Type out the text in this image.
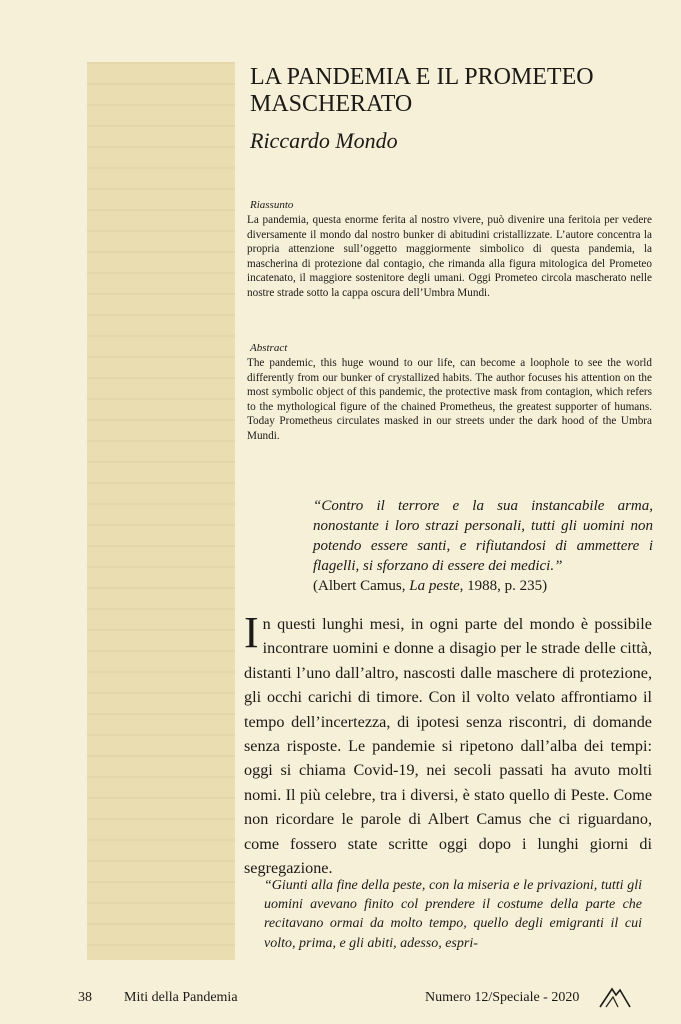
LA PANDEMIA E IL PROMETEO MASCHERATO
Riccardo Mondo
Riassunto

La pandemia, questa enorme ferita al nostro vivere, può divenire una feritoia per vedere diversamente il mondo dal nostro bunker di abitudini cristallizzate. L’autore concentra la propria attenzione sull’oggetto maggiormente simbolico di questa pandemia, la mascherina di protezione dal contagio, che rimanda alla figura mitologica del Prometeo incatenato, il maggiore sostenitore degli umani. Oggi Prometeo circola mascherato nelle nostre strade sotto la cappa oscura dell’Umbra Mundi.

Abstract

The pandemic, this huge wound to our life, can become a loophole to see the world differently from our bunker of crystallized habits. The author focuses his attention on the most symbolic object of this pandemic, the protective mask from contagion, which refers to the mythological figure of the chained Prometheus, the greatest supporter of humans. Today Prometheus circulates masked in our streets under the dark hood of the Umbra Mundi.

“Contro il terrore e la sua instancabile arma, nonostante i loro strazi personali, tutti gli uomini non potendo essere santi, e rifiutandosi di ammettere i flagelli, si sforzano di essere dei medici.”
(Albert Camus, La peste, 1988, p. 235)

In questi lunghi mesi, in ogni parte del mondo è possibile incontrare uomini e donne a disagio per le strade delle città, distanti l’uno dall’altro, nascosti dalle maschere di protezione, gli occhi carichi di timore. Con il volto velato affrontiamo il tempo dell’incertezza, di ipotesi senza riscontri, di domande senza risposte. Le pandemie si ripetono dall’alba dei tempi: oggi si chiama Covid-19, nei secoli passati ha avuto molti nomi. Il più celebre, tra i diversi, è stato quello di Peste. Come non ricordare le parole di Albert Camus che ci riguardano, come fossero state scritte oggi dopo i lunghi giorni di segregazione.

“Giunti alla fine della peste, con la miseria e le privazioni, tutti gli uomini avevano finito col prendere il costume della parte che recitavano ormai da molto tempo, quello degli emigranti il cui volto, prima, e gli abiti, adesso, espri-

38 Miti della Pandemia	Numero 12/Speciale - 2020
